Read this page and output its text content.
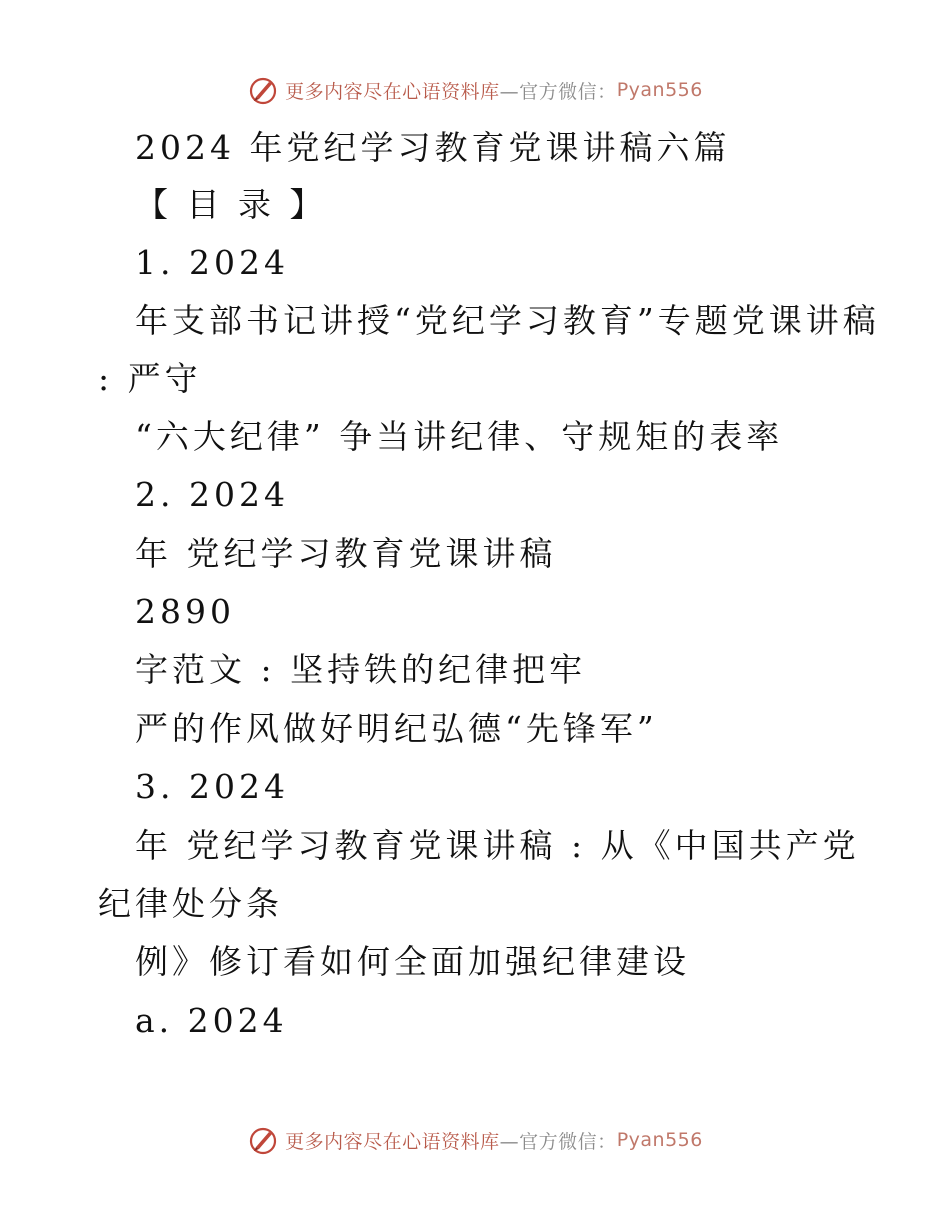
更多内容尽在心语资料库 —官方微信： Pyan556
2024 年党纪学习教育党课讲稿六篇
【 目 录 】
1. 2024
年支部书记讲授“党纪学习教育”专题党课讲稿
: 严守
“六大纪律” 争当讲纪律、守规矩的表率
2. 2024
年 党纪学习教育党课讲稿
2890
字范文 : 坚持铁的纪律把牢
严的作风做好明纪弘德“先锋军”
3. 2024
年 党纪学习教育党课讲稿 : 从《中国共产党
纪律处分条
例》修订看如何全面加强纪律建设
a. 2024
更多内容尽在心语资料库 —官方微信： Pyan556
